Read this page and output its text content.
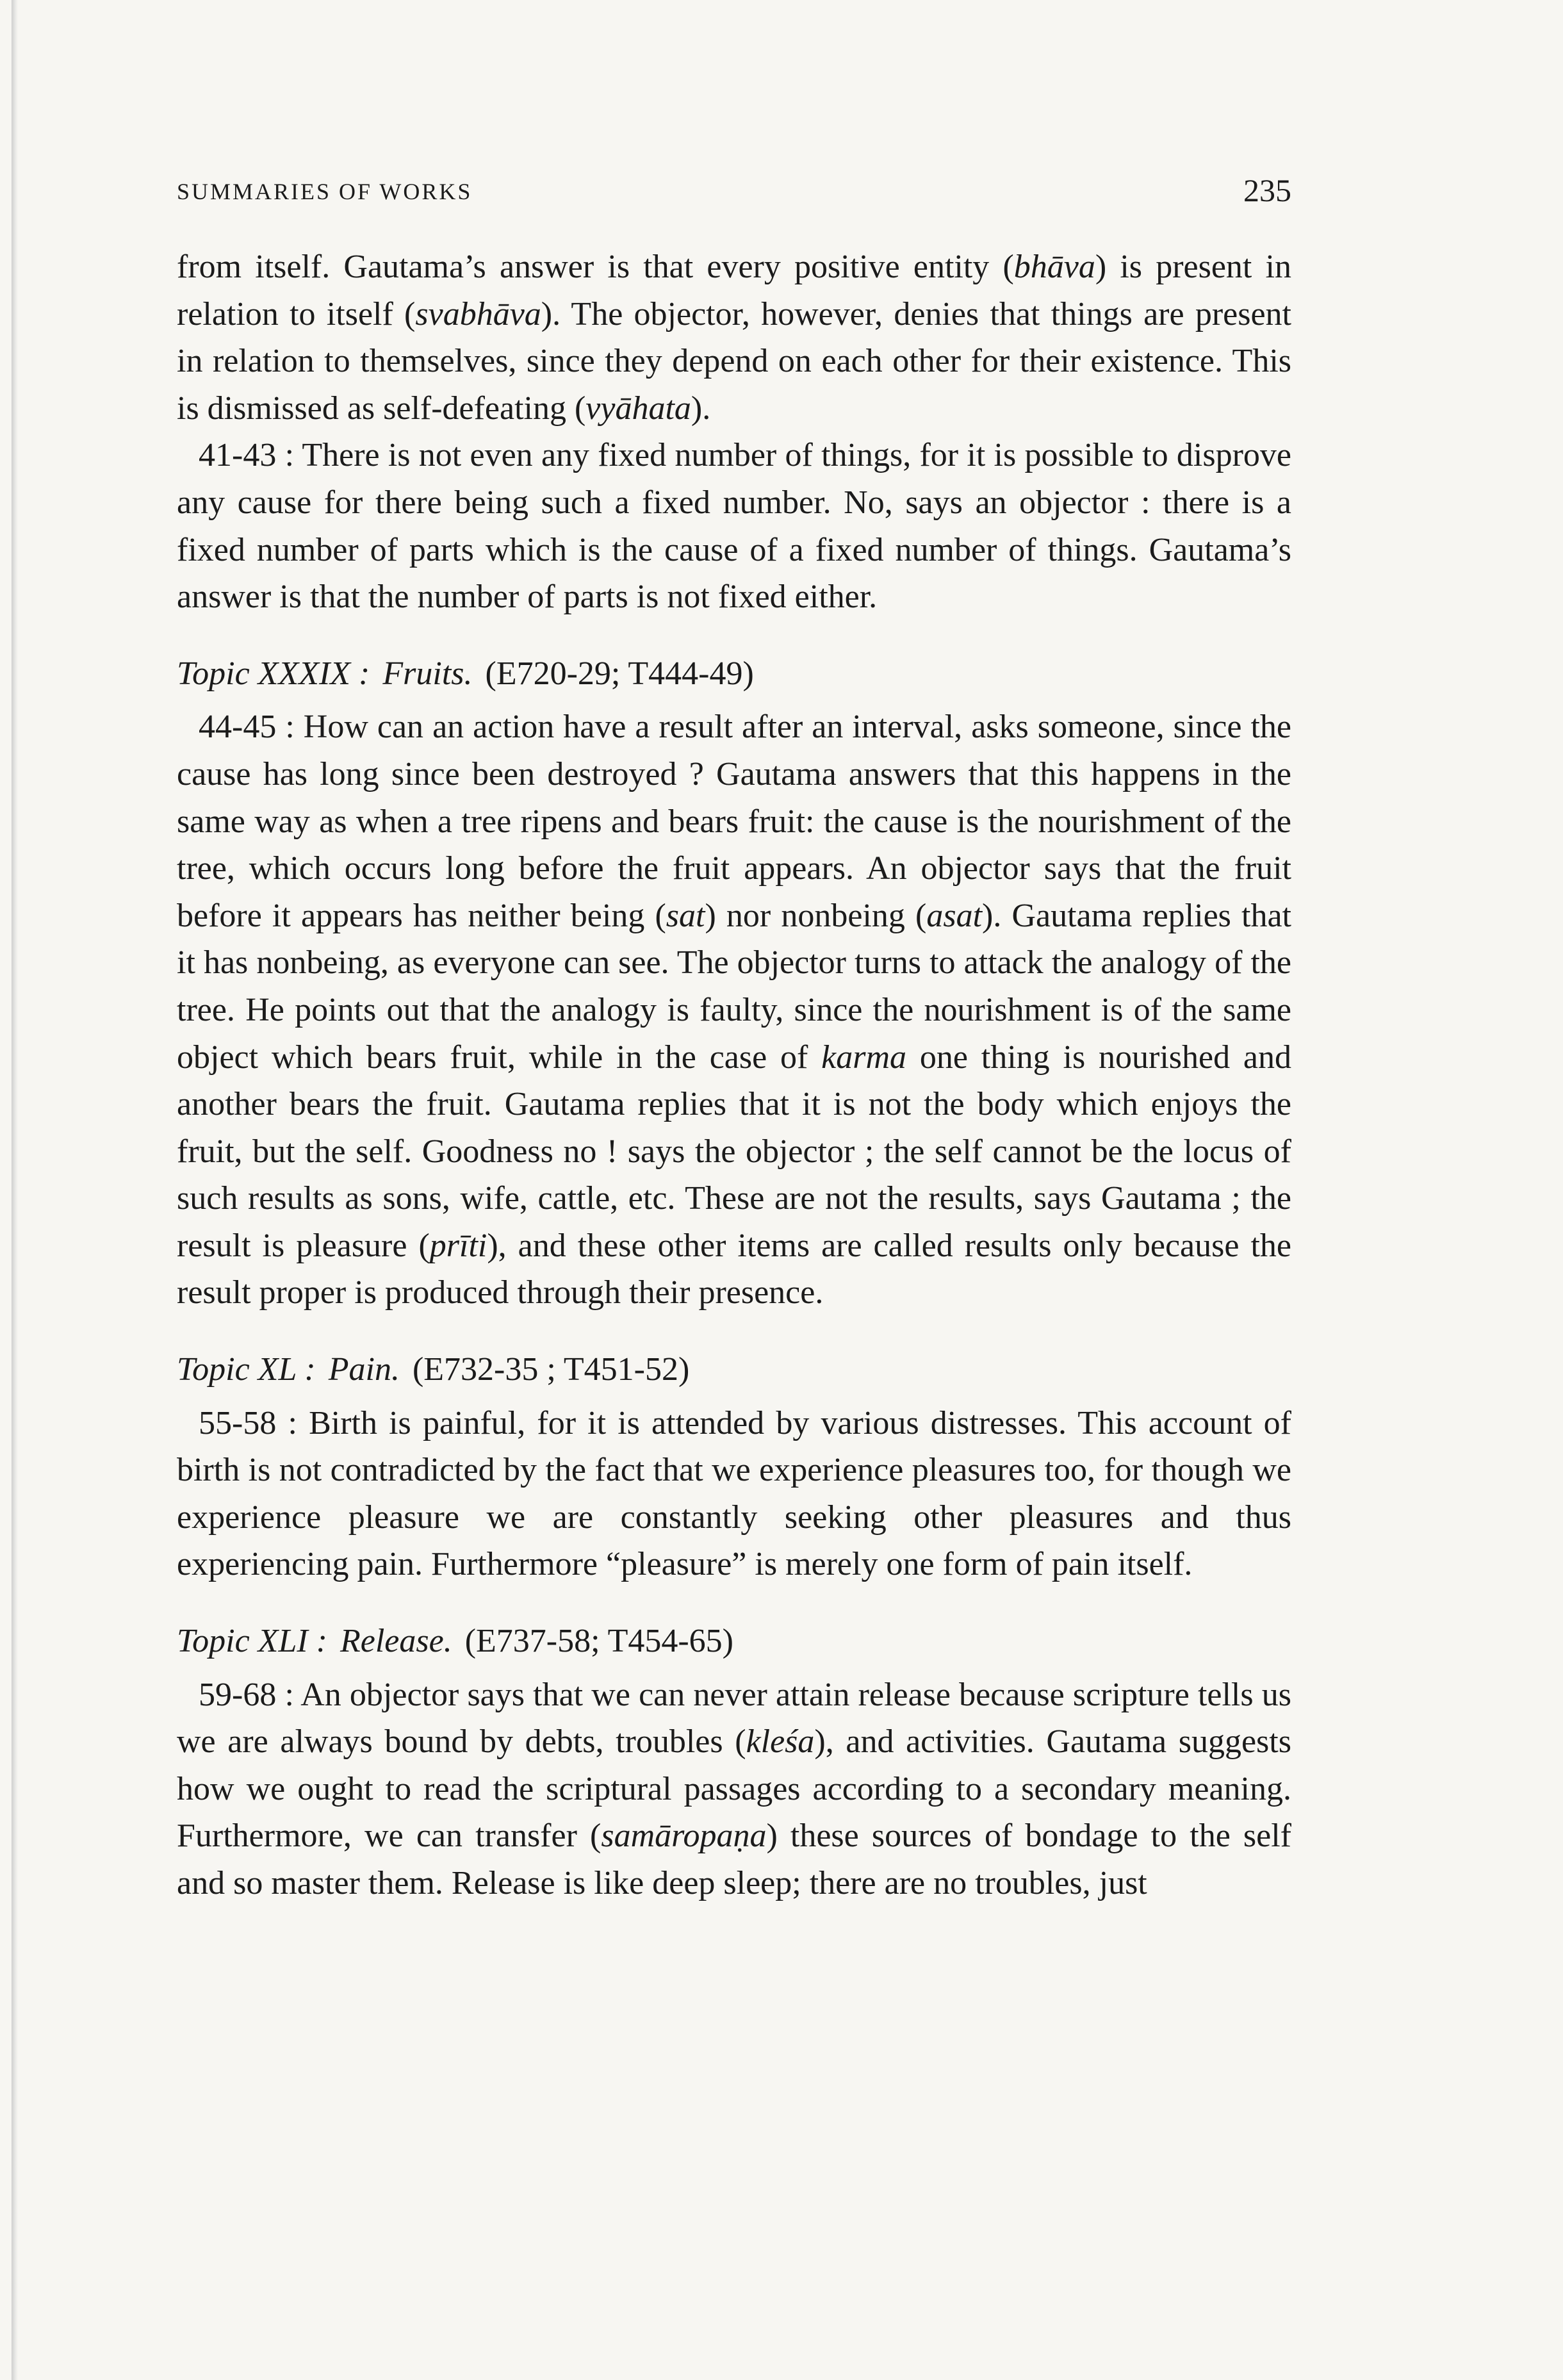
SUMMARIES OF WORKS	235

from itself. Gautama’s answer is that every positive entity (bhāva) is present in relation to itself (svabhāva). The objector, however, denies that things are present in relation to themselves, since they depend on each other for their existence. This is dismissed as self-defeating (vyāhata).

41-43 : There is not even any fixed number of things, for it is possible to disprove any cause for there being such a fixed number. No, says an objector : there is a fixed number of parts which is the cause of a fixed number of things. Gautama’s answer is that the number of parts is not fixed either.

Topic XXXIX : Fruits. (E720-29; T444-49)

44-45 : How can an action have a result after an interval, asks someone, since the cause has long since been destroyed ? Gautama answers that this happens in the same way as when a tree ripens and bears fruit: the cause is the nourishment of the tree, which occurs long before the fruit appears. An objector says that the fruit before it appears has neither being (sat) nor nonbeing (asat). Gautama replies that it has nonbeing, as everyone can see. The objector turns to attack the analogy of the tree. He points out that the analogy is faulty, since the nourishment is of the same object which bears fruit, while in the case of karma one thing is nourished and another bears the fruit. Gautama replies that it is not the body which enjoys the fruit, but the self. Goodness no ! says the objector ; the self cannot be the locus of such results as sons, wife, cattle, etc. These are not the results, says Gautama ; the result is pleasure (prīti), and these other items are called results only because the result proper is produced through their presence.

Topic XL : Pain. (E732-35 ; T451-52)

55-58 : Birth is painful, for it is attended by various distresses. This account of birth is not contradicted by the fact that we experience pleasures too, for though we experience pleasure we are constantly seeking other pleasures and thus experiencing pain. Furthermore “pleasure” is merely one form of pain itself.

Topic XLI : Release. (E737-58; T454-65)

59-68 : An objector says that we can never attain release because scripture tells us we are always bound by debts, troubles (kleśa), and activities. Gautama suggests how we ought to read the scriptural passages according to a secondary meaning. Furthermore, we can transfer (samāropaṇa) these sources of bondage to the self and so master them. Release is like deep sleep; there are no troubles, just
